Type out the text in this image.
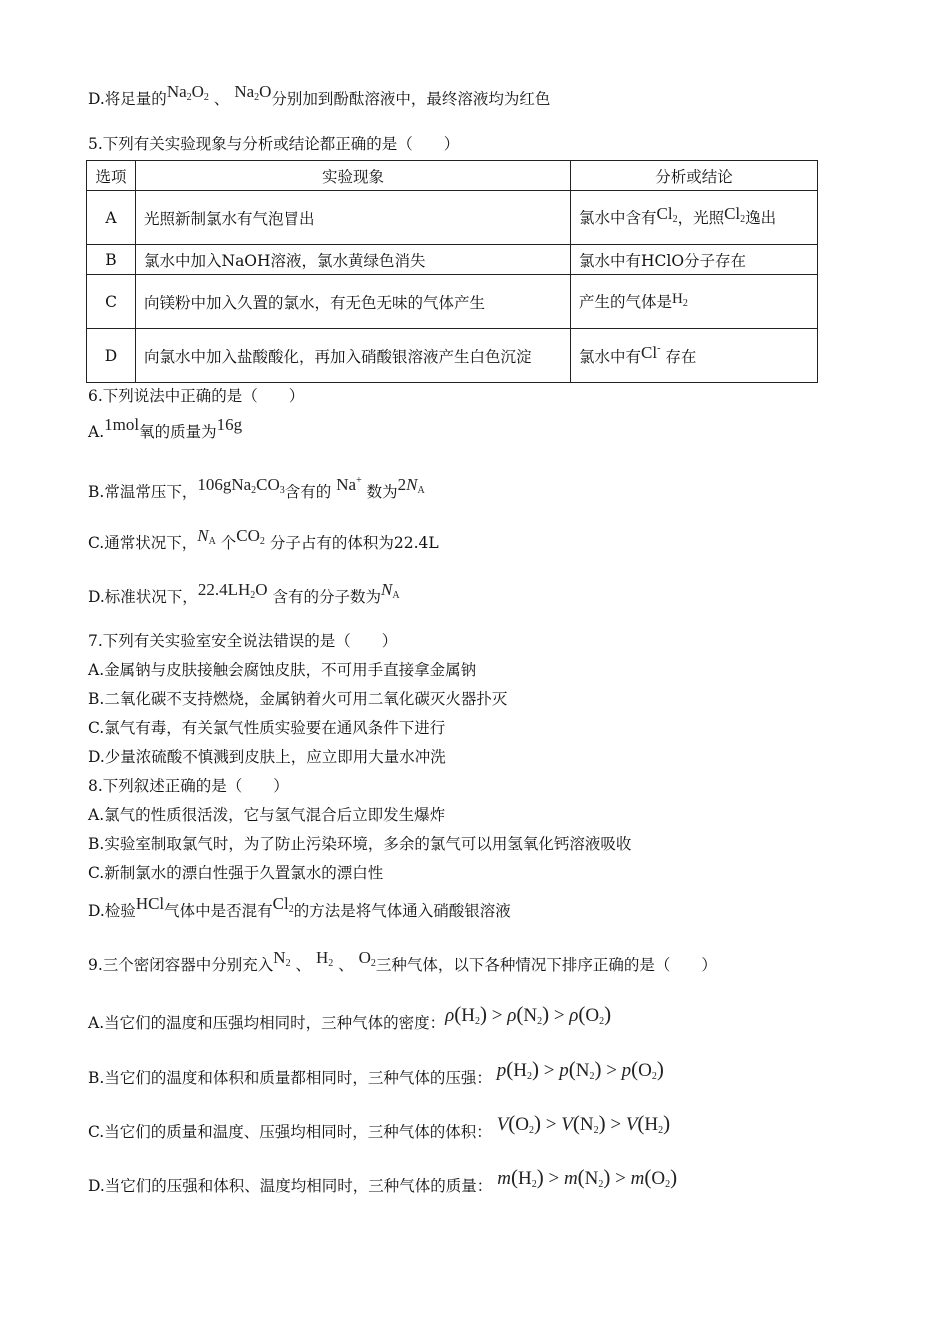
D.将足量的$Na_2O_2$ 、 $Na_2O$分别加到酚酞溶液中，最终溶液均为红色
5.下列有关实验现象与分析或结论都正确的是（　　）
选项	实验现象	分析或结论
A	光照新制氯水有气泡冒出	氯水中含有$Cl_2$，光照$Cl_2$逸出
B	氯水中加入NaOH溶液，氯水黄绿色消失	氯水中有HClO分子存在
C	向镁粉中加入久置的氯水，有无色无味的气体产生	产生的气体是$H_2$
D	向氯水中加入盐酸酸化，再加入硝酸银溶液产生白色沉淀	氯水中有Cl- 存在
6.下列说法中正确的是（　　）
A.1mol氧的质量为16g
B.常温常压下，$106gNa_2CO_3$含有的 Na+ 数为$2N_A$
C.通常状况下，$N_A$ 个$CO_2$ 分子占有的体积为22.4L
D.标准状况下，$22.4LH_2O$ 含有的分子数为$N_A$
7.下列有关实验室安全说法错误的是（　　）
A.金属钠与皮肤接触会腐蚀皮肤，不可用手直接拿金属钠
B.二氧化碳不支持燃烧，金属钠着火可用二氧化碳灭火器扑灭
C.氯气有毒，有关氯气性质实验要在通风条件下进行
D.少量浓硫酸不慎溅到皮肤上，应立即用大量水冲洗
8.下列叙述正确的是（　　）
A.氯气的性质很活泼，它与氢气混合后立即发生爆炸
B.实验室制取氯气时，为了防止污染环境，多余的氯气可以用氢氧化钙溶液吸收
C.新制氯水的漂白性强于久置氯水的漂白性
D.检验HCl气体中是否混有$Cl_2$的方法是将气体通入硝酸银溶液
9.三个密闭容器中分别充入$N_2$ 、 $H_2$ 、 $O_2$三种气体，以下各种情况下排序正确的是（　　）
A.当它们的温度和压强均相同时，三种气体的密度：$\rho(H_2) > \rho(N_2) > \rho(O_2)$
B.当它们的温度和体积和质量都相同时，三种气体的压强： $p(H_2) > p(N_2) > p(O_2)$
C.当它们的质量和温度、压强均相同时，三种气体的体积： $V(O_2) > V(N_2) > V(H_2)$
D.当它们的压强和体积、温度均相同时，三种气体的质量： $m(H_2) > m(N_2) > m(O_2)$
